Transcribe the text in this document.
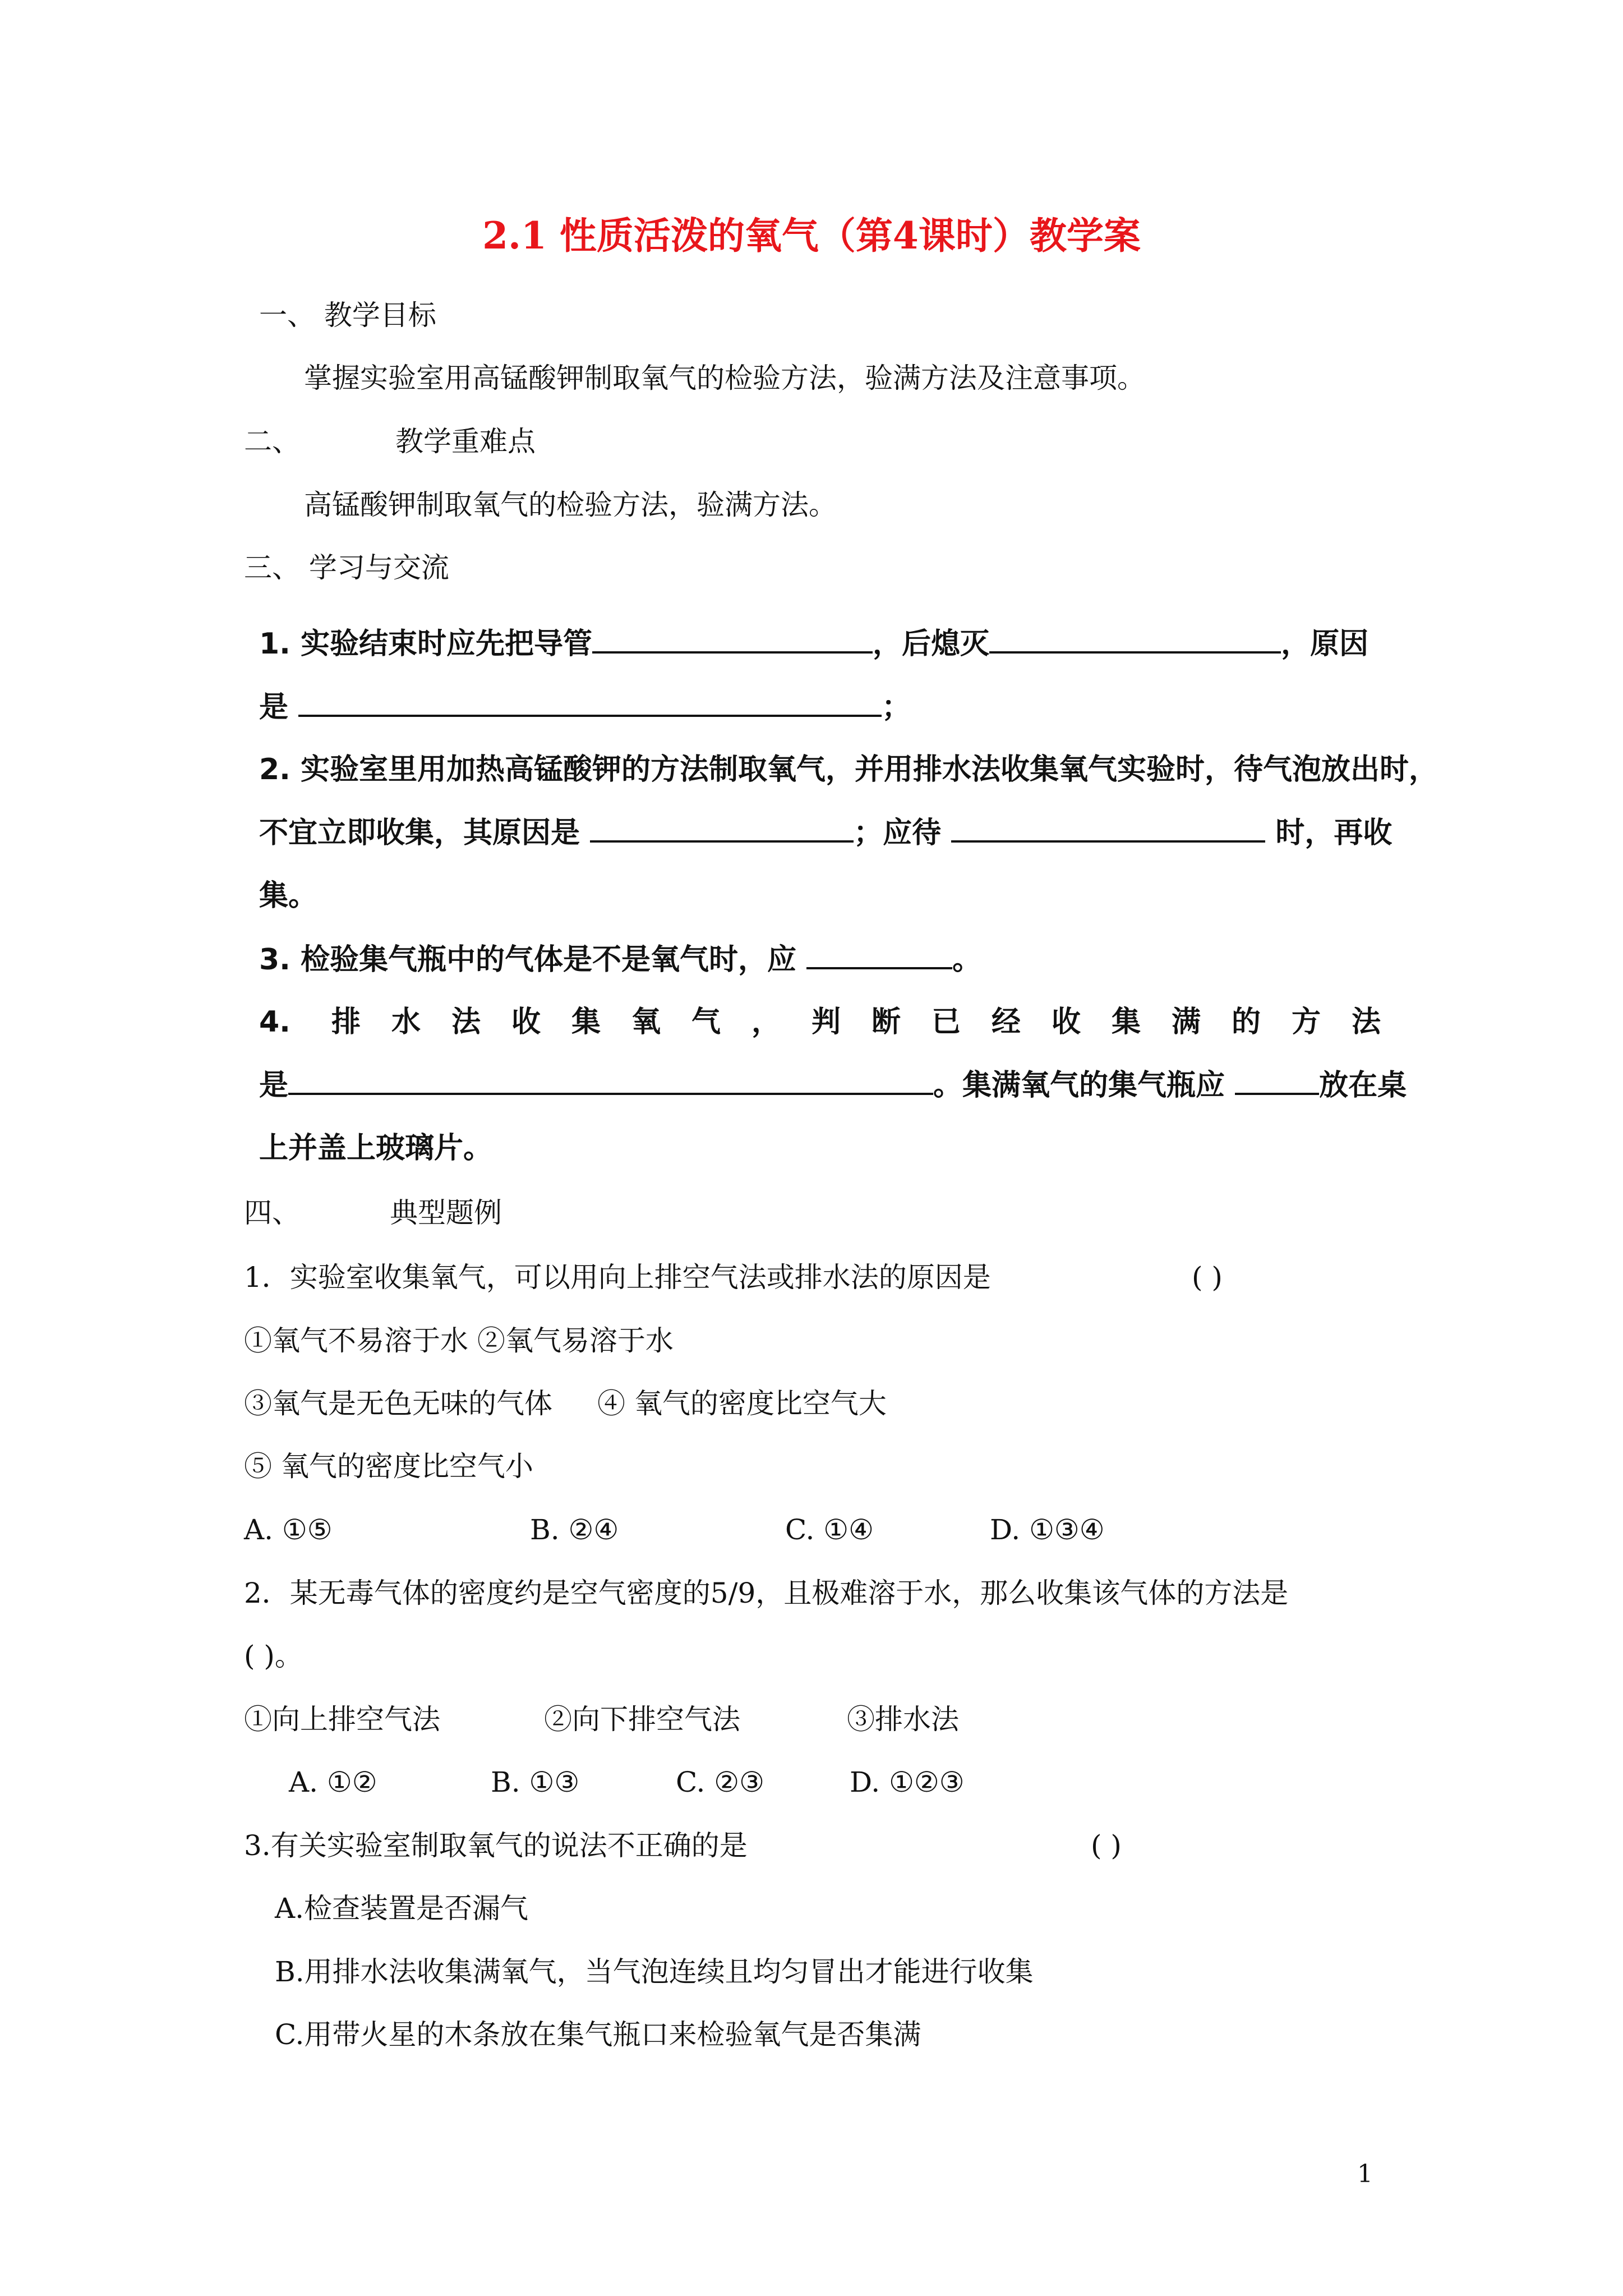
2.1 性质活泼的氧气（第4课时）教学案
一、 教学目标
掌握实验室用高锰酸钾制取氧气的检验方法，验满方法及注意事项。
二、	教学重难点
高锰酸钾制取氧气的检验方法，验满方法。
三、 学习与交流
1. 实验结束时应先把导管	，后熄灭	，原因
是	；
2. 实验室里用加热高锰酸钾的方法制取氧气，并用排水法收集氧气实验时，待气泡放出时，
不宜立即收集，其原因是	；应待	时，再收
集。
3. 检验集气瓶中的气体是不是氧气时，应	。
4. 排水法收集氧气，判断已经收集满的方法
是	。集满氧气的集气瓶应	放在桌
上并盖上玻璃片。
四、	典型题例
1．实验室收集氧气，可以用向上排空气法或排水法的原因是	( )
①氧气不易溶于水 ②氧气易溶于水
③氧气是无色无味的气体 ④ 氧气的密度比空气大
⑤ 氧气的密度比空气小
A. ①⑤	B. ②④	C. ①④	D. ①③④
2．某无毒气体的密度约是空气密度的5/9，且极难溶于水，那么收集该气体的方法是
( )。
①向上排空气法	②向下排空气法	③排水法
A. ①②	B. ①③	C. ②③	D. ①②③
3.有关实验室制取氧气的说法不正确的是	( )
A.检查装置是否漏气
B.用排水法收集满氧气，当气泡连续且均匀冒出才能进行收集
C.用带火星的木条放在集气瓶口来检验氧气是否集满
1
